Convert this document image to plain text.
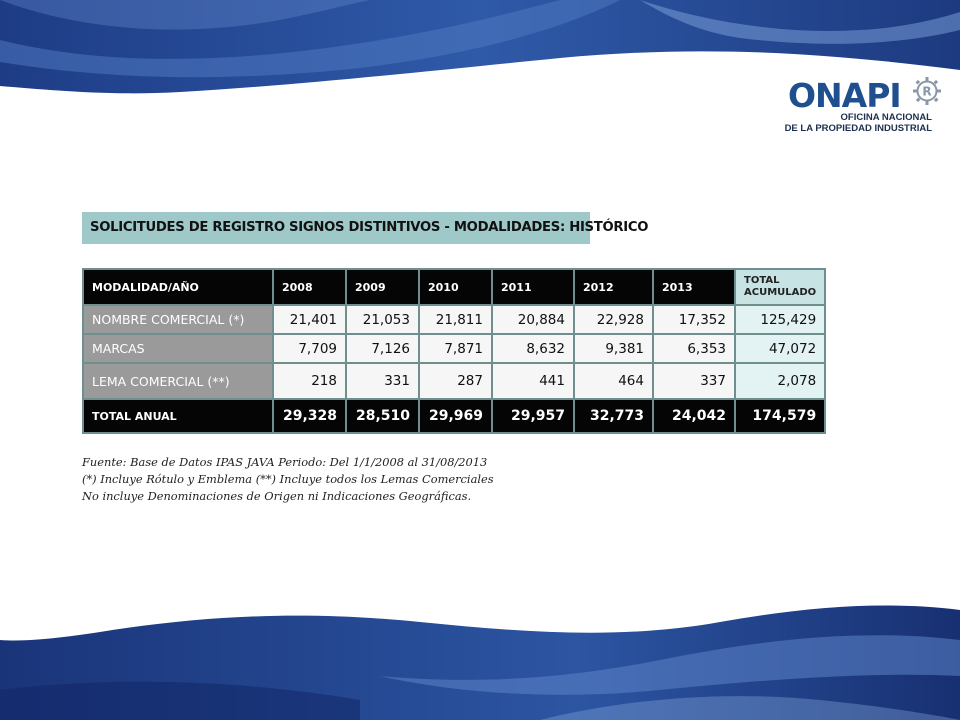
ONAPI R
OFICINA NACIONAL
DE LA PROPIEDAD INDUSTRIAL
SOLICITUDES DE REGISTRO SIGNOS DISTINTIVOS - MODALIDADES: HISTÓRICO
MODALIDAD/AÑO	2008	2009	2010	2011	2012	2013	TOTAL
ACUMULADO
NOMBRE COMERCIAL (*)	21,401	21,053	21,811	20,884	22,928	17,352	125,429
MARCAS	7,709	7,126	7,871	8,632	9,381	6,353	47,072
LEMA COMERCIAL (**)	218	331	287	441	464	337	2,078
TOTAL ANUAL	29,328	28,510	29,969	29,957	32,773	24,042	174,579
Fuente: Base de Datos IPAS JAVA Periodo: Del 1/1/2008 al 31/08/2013
(*) Incluye Rótulo y Emblema (**) Incluye todos los Lemas Comerciales
No incluye Denominaciones de Origen ni Indicaciones Geográficas.
